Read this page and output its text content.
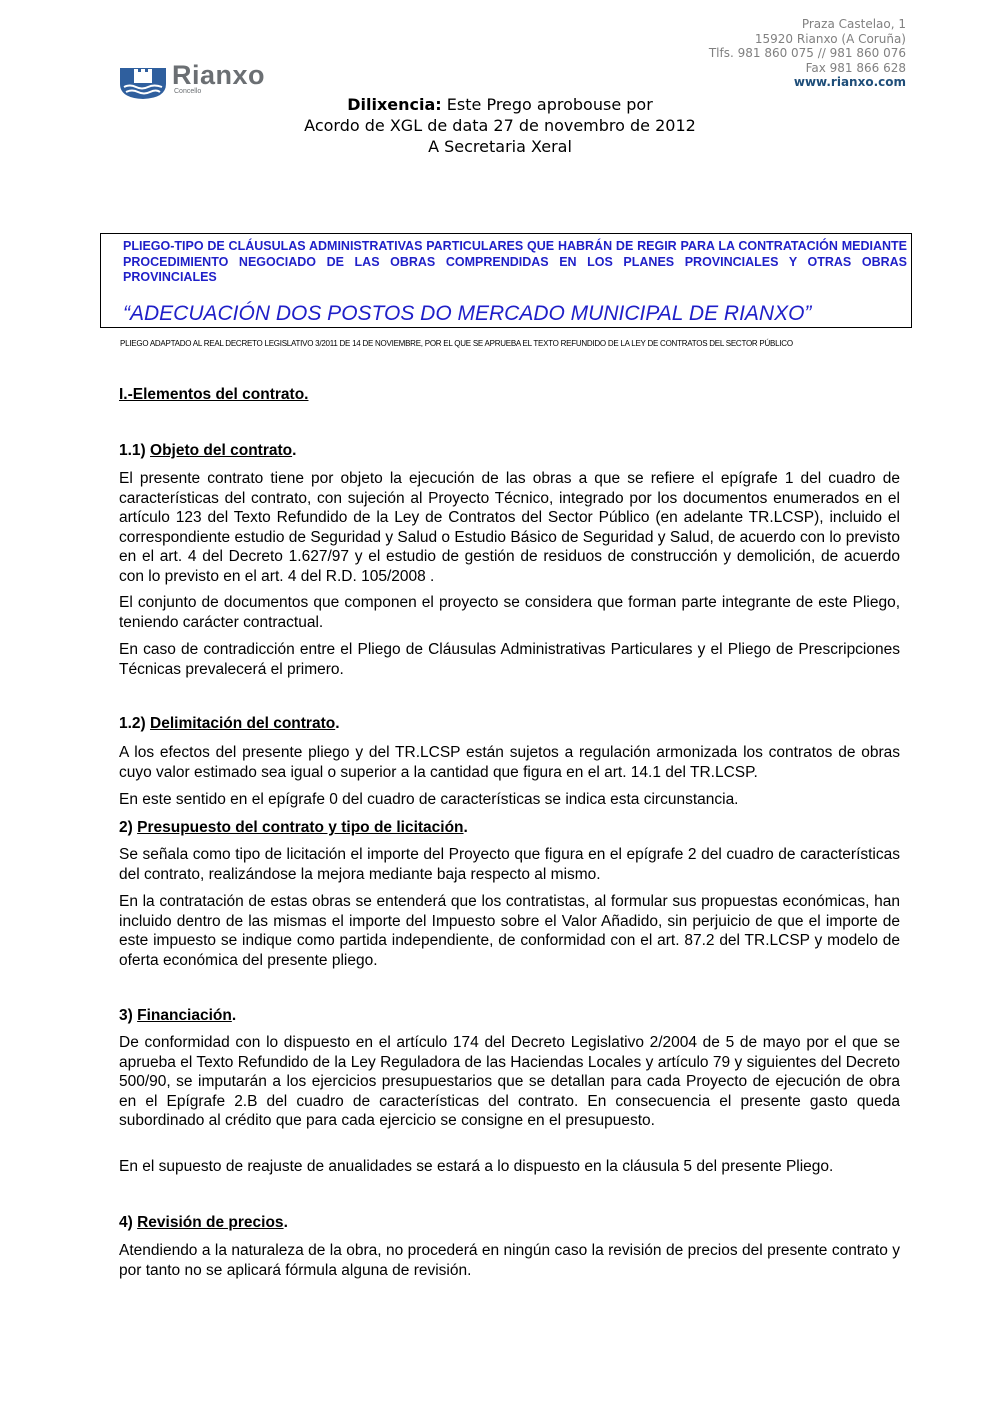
Praza Castelao, 1
15920 Rianxo (A Coruña)
Tlfs. 981 860 075 // 981 860 076
Fax 981 866 628
www.rianxo.com
Rianxo
Concello
Dilixencia: Este Prego aprobouse por
Acordo de XGL de data 27 de novembro de 2012
A Secretaria Xeral
PLIEGO-TIPO DE CLÁUSULAS ADMINISTRATIVAS PARTICULARES QUE HABRÁN DE REGIR PARA LA CONTRATACIÓN MEDIANTE PROCEDIMIENTO NEGOCIADO DE LAS OBRAS COMPRENDIDAS EN LOS PLANES PROVINCIALES Y OTRAS OBRAS PROVINCIALES
“ADECUACIÓN DOS POSTOS DO MERCADO MUNICIPAL DE RIANXO”
PLIEGO ADAPTADO AL REAL DECRETO LEGISLATIVO 3/2011 DE 14 DE NOVIEMBRE, POR EL QUE SE APRUEBA EL TEXTO REFUNDIDO DE LA LEY DE CONTRATOS DEL SECTOR PÚBLICO
I.-Elementos del contrato.
1.1) Objeto del contrato.

El presente contrato tiene por objeto la ejecución de las obras a que se refiere el epígrafe 1 del cuadro de características del contrato, con sujeción al Proyecto Técnico, integrado por los documentos enumerados en el artículo 123 del Texto Refundido de la Ley de Contratos del Sector Público (en adelante TR.LCSP), incluido el correspondiente estudio de Seguridad y Salud o Estudio Básico de Seguridad y Salud, de acuerdo con lo previsto en el art. 4 del Decreto 1.627/97 y el estudio de gestión de residuos de construcción y demolición, de acuerdo con lo previsto en el art. 4 del R.D. 105/2008 .

El conjunto de documentos que componen el proyecto se considera que forman parte integrante de este Pliego, teniendo carácter contractual.

En caso de contradicción entre el Pliego de Cláusulas Administrativas Particulares y el Pliego de Prescripciones Técnicas prevalecerá el primero.

1.2) Delimitación del contrato.

A los efectos del presente pliego y del TR.LCSP están sujetos a regulación armonizada los contratos de obras cuyo valor estimado sea igual o superior a la cantidad que figura en el art. 14.1 del TR.LCSP.

En este sentido en el epígrafe 0 del cuadro de características se indica esta circunstancia.

2) Presupuesto del contrato y tipo de licitación.

Se señala como tipo de licitación el importe del Proyecto que figura en el epígrafe 2 del cuadro de características del contrato, realizándose la mejora mediante baja respecto al mismo.

En la contratación de estas obras se entenderá que los contratistas, al formular sus propuestas económicas, han incluido dentro de las mismas el importe del Impuesto sobre el Valor Añadido, sin perjuicio de que el importe de este impuesto se indique como partida independiente, de conformidad con el art. 87.2 del TR.LCSP y modelo de oferta económica del presente pliego.

3) Financiación.

De conformidad con lo dispuesto en el artículo 174 del Decreto Legislativo 2/2004 de 5 de mayo por el que se aprueba el Texto Refundido de la Ley Reguladora de las Haciendas Locales y artículo 79 y siguientes del Decreto 500/90, se imputarán a los ejercicios presupuestarios que se detallan para cada Proyecto de ejecución de obra en el Epígrafe 2.B del cuadro de características del contrato. En consecuencia el presente gasto queda subordinado al crédito que para cada ejercicio se consigne en el presupuesto.

En el supuesto de reajuste de anualidades se estará a lo dispuesto en la cláusula 5 del presente Pliego.

4) Revisión de precios.

Atendiendo a la naturaleza de la obra, no procederá en ningún caso la revisión de precios del presente contrato y por tanto no se aplicará fórmula alguna de revisión.
